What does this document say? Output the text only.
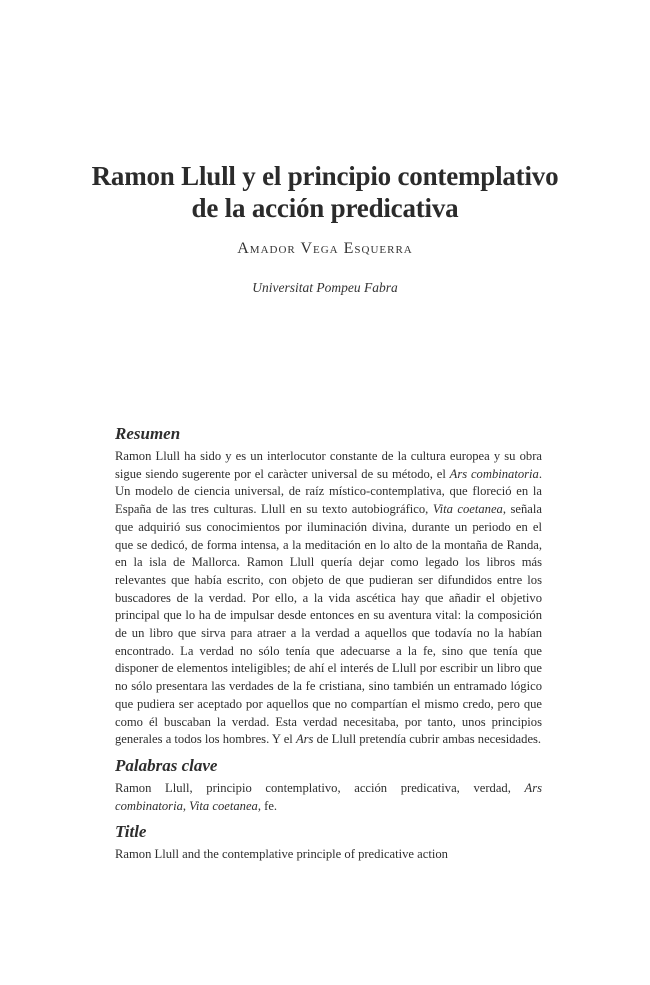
Ramon Llull y el principio contemplativo
de la acción predicativa
Amador Vega Esquerra
Universitat Pompeu Fabra
Resumen

Ramon Llull ha sido y es un interlocutor constante de la cultura europea y su obra sigue siendo sugerente por el caràcter universal de su método, el Ars combinatoria. Un modelo de ciencia universal, de raíz místico-contemplativa, que floreció en la España de las tres culturas. Llull en su texto autobiográfico, Vita coetanea, señala que adquirió sus conocimientos por iluminación divina, durante un periodo en el que se dedicó, de forma intensa, a la meditación en lo alto de la montaña de Randa, en la isla de Mallorca. Ramon Llull quería dejar como legado los libros más relevantes que había escrito, con objeto de que pudieran ser difundidos entre los buscadores de la verdad. Por ello, a la vida ascética hay que añadir el objetivo principal que lo ha de impulsar desde entonces en su aventura vital: la composición de un libro que sirva para atraer a la verdad a aquellos que todavía no la habían encontrado. La verdad no sólo tenía que adecuarse a la fe, sino que tenía que disponer de elementos inteligibles; de ahí el interés de Llull por escribir un libro que no sólo presentara las verdades de la fe cristiana, sino también un entramado lógico que pudiera ser aceptado por aquellos que no compartían el mismo credo, pero que como él buscaban la verdad. Esta verdad necesitaba, por tanto, unos principios generales a todos los hombres. Y el Ars de Llull pretendía cubrir ambas necesidades.

Palabras clave

Ramon Llull, principio contemplativo, acción predicativa, verdad, Ars combinatoria, Vita coetanea, fe.

Title

Ramon Llull and the contemplative principle of predicative action
